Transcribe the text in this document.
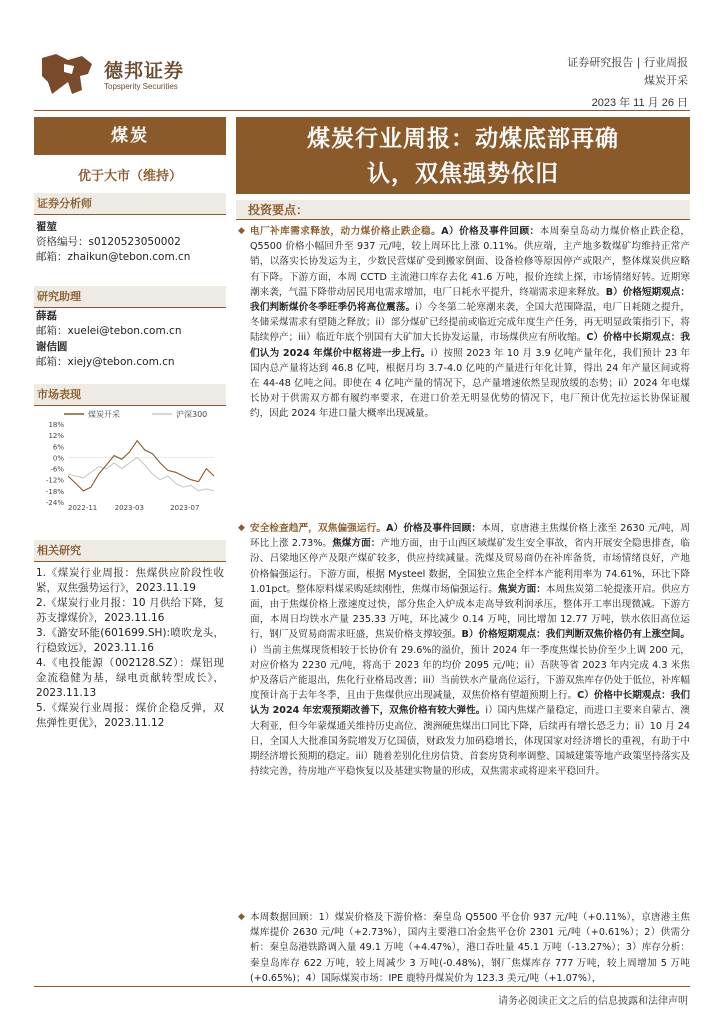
德邦证券
Topsperity Securities
证券研究报告 | 行业周报
煤炭开采
2023 年 11 月 26 日
煤炭
优于大市（维持）
证券分析师
翟堃
资格编号：s0120523050002
邮箱：zhaikun@tebon.com.cn
研究助理
薛磊
邮箱：xuelei@tebon.com.cn
谢佶圆
邮箱：xiejy@tebon.com.cn
市场表现
煤炭开采	沪深300
18%
12%
6%
0%
-6%
-12%
-18%
-24%
2022-11 2023-03	2023-07
相关研究
1.《煤炭行业周报：焦煤供应阶段性收紧，双焦强势运行》，2023.11.19
2.《煤炭行业月报：10 月供给下降，复苏支撑煤价》，2023.11.16
3.《潞安环能(601699.SH):喷吹龙头，行稳致远》，2023.11.16
4.《电投能源（002128.SZ）：煤铝现金流稳健为基，绿电贡献转型成长》，2023.11.13
5.《煤炭行业周报：煤价企稳反弹，双焦弹性更优》，2023.11.12
煤炭行业周报：动煤底部再确
认，双焦强势依旧
投资要点：
◆ 电厂补库需求释放，动力煤价格止跌企稳。A）价格及事件回顾：本周秦皇岛动力煤价格止跌企稳，Q5500 价格小幅回升至 937 元/吨，较上周环比上涨 0.11%。供应端，主产地多数煤矿均维持正常产销，以落实长协发运为主，少数民营煤矿受到搬家倒面、设备检修等原因停产或限产，整体煤炭供应略有下降。下游方面，本周 CCTD 主流港口库存去化 41.6 万吨，报价连续上探，市场情绪好转。近期寒潮来袭，气温下降带动居民用电需求增加，电厂日耗水平提升，终端需求迎来释放。B）价格短期观点：我们判断煤价冬季旺季仍将高位震荡。i）今冬第二轮寒潮来袭，全国大范围降温，电厂日耗随之提升，冬储采煤需求有望随之释放；ii）部分煤矿已经提前或临近完成年度生产任务，再无明显政策指引下，将陆续停产；iii）临近年底个别国有大矿加大长协发运量，市场煤供应有所收缩。C）价格中长期观点：我们认为 2024 年煤价中枢将进一步上行。i）按照 2023 年 10 月 3.9 亿吨产量年化，我们预计 23 年国内总产量将达到 46.8 亿吨，根据月均 3.7-4.0 亿吨的产量进行年化计算，得出 24 年产量区间或将在 44-48 亿吨之间。即使在 4 亿吨产量的情况下，总产量增速依然呈现放缓的态势；ii）2024 年电煤长协对于供需双方都有履约率要求，在进口价差无明显优势的情况下，电厂预计优先拉运长协保证履约，因此 2024 年进口量大概率出现减量。
◆ 安全检查趋严，双焦偏强运行。A）价格及事件回顾：本周，京唐港主焦煤价格上涨至 2630 元/吨，周环比上涨 2.73%。焦煤方面：产地方面，由于山西区域煤矿发生安全事故，省内开展安全隐患排查，临汾、吕梁地区停产及限产煤矿较多，供应持续减量。洗煤及贸易商仍在补库备货，市场情绪良好，产地价格偏强运行。下游方面，根据 Mysteel 数据，全国独立焦企全样本产能利用率为 74.61%，环比下降 1.01pct。整体原料煤采购延续刚性，焦煤市场偏强运行。焦炭方面：本周焦炭第二轮提涨开启。供应方面，由于焦煤价格上涨速度过快，部分焦企入炉成本走高导致利润承压，整体开工率出现微减。下游方面，本周日均铁水产量 235.33 万吨，环比减少 0.14 万吨，同比增加 12.77 万吨，铁水依旧高位运行，钢厂及贸易商需求旺盛，焦炭价格支撑较强。B）价格短期观点：我们判断双焦价格仍有上涨空间。i）当前主焦煤现货相较于长协价有 29.6%的溢价，预计 2024 年一季度焦煤长协价至少上调 200 元，对应价格为 2230 元/吨，将高于 2023 年的均价 2095 元/吨；ii）吾陕等省 2023 年内完成 4.3 米焦炉及落后产能退出，焦化行业格局改善；iii）当前铁水产量高位运行，下游双焦库存仍处于低位，补库幅度预计高于去年冬季，且由于焦煤供应出现减量，双焦价格有望超预期上行。C）价格中长期观点：我们认为 2024 年宏观预期改善下，双焦价格有较大弹性。i）国内焦煤产量稳定，而进口主要来自蒙古、澳大利亚，但今年蒙煤通关维持历史高位、澳洲硬焦煤出口同比下降，后续再有增长恐乏力；ii）10 月 24 日，全国人大批准国务院增发万亿国债，财政发力加码稳增长，体现国家对经济增长的重视，有助于中期经济增长预期的稳定。iii）随着差别化住房信贷、首套房贷利率调整、国城建策等地产政策坚持落实及持续完善，待房地产平稳恢复以及基建实物量的形成，双焦需求或将迎来平稳回升。
◆ 本周数据回顾：1）煤炭价格及下游价格：秦皇岛 Q5500 平仓价 937 元/吨（+0.11%），京唐港主焦煤库提价 2630 元/吨（+2.73%），国内主要港口冶金焦平仓价 2301 元/吨（+0.61%）；2）供需分析：秦皇岛港铁路调入量 49.1 万吨（+4.47%），港口吞吐量 45.1 万吨（-13.27%）；3）库存分析：秦皇岛库存 622 万吨，较上周减少 3 万吨(-0.48%)，钢厂焦煤库存 777 万吨，较上周增加 5 万吨(+0.65%)；4）国际煤炭市场：IPE 鹿特丹煤炭价为 123.3 美元/吨（+1.07%），
请务必阅读正文之后的信息披露和法律声明
